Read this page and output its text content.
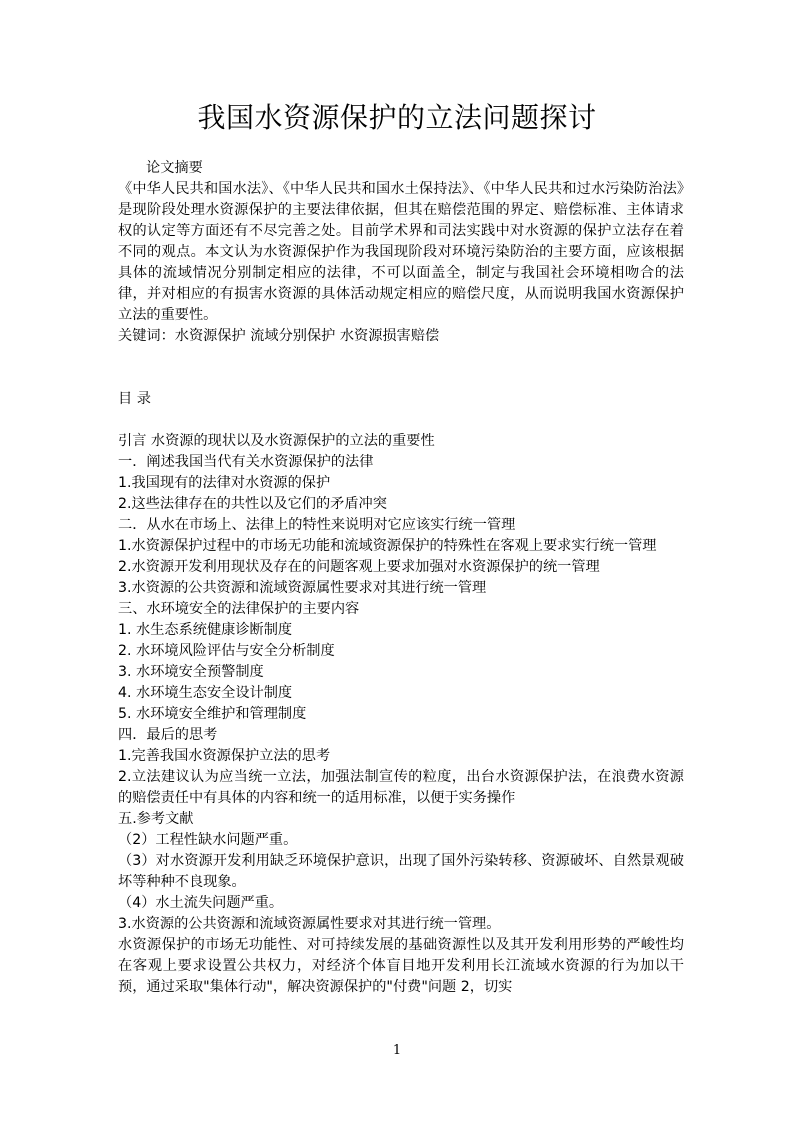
我国水资源保护的立法问题探讨

论文摘要

《中华人民共和国水法》、《中华人民共和国水土保持法》、《中华人民共和过水污染防治法》是现阶段处理水资源保护的主要法律依据，但其在赔偿范围的界定、赔偿标准、主体请求权的认定等方面还有不尽完善之处。目前学术界和司法实践中对水资源的保护立法存在着不同的观点。本文认为水资源保护作为我国现阶段对环境污染防治的主要方面，应该根据具体的流域情况分别制定相应的法律，不可以面盖全，制定与我国社会环境相吻合的法律，并对相应的有损害水资源的具体活动规定相应的赔偿尺度，从而说明我国水资源保护立法的重要性。

关键词：水资源保护 流域分别保护 水资源损害赔偿

目 录

引言 水资源的现状以及水资源保护的立法的重要性

一．阐述我国当代有关水资源保护的法律

1.我国现有的法律对水资源的保护

2.这些法律存在的共性以及它们的矛盾冲突

二．从水在市场上、法律上的特性来说明对它应该实行统一管理

1.水资源保护过程中的市场无功能和流域资源保护的特殊性在客观上要求实行统一管理

2.水资源开发利用现状及存在的问题客观上要求加强对水资源保护的统一管理

3.水资源的公共资源和流域资源属性要求对其进行统一管理

三、水环境安全的法律保护的主要内容

1. 水生态系统健康诊断制度

2. 水环境风险评估与安全分析制度

3. 水环境安全预警制度

4. 水环境生态安全设计制度

5. 水环境安全维护和管理制度

四．最后的思考

1.完善我国水资源保护立法的思考

2.立法建议认为应当统一立法，加强法制宣传的粒度，出台水资源保护法，在浪费水资源的赔偿责任中有具体的内容和统一的适用标准，以便于实务操作

五.参考文献

（2）工程性缺水问题严重。

（3）对水资源开发利用缺乏环境保护意识，出现了国外污染转移、资源破坏、自然景观破坏等种种不良现象。

（4）水土流失问题严重。

3.水资源的公共资源和流域资源属性要求对其进行统一管理。

水资源保护的市场无功能性、对可持续发展的基础资源性以及其开发利用形势的严峻性均在客观上要求设置公共权力，对经济个体盲目地开发利用长江流域水资源的行为加以干预，通过采取"集体行动"，解决资源保护的"付费"问题 2，切实

1
